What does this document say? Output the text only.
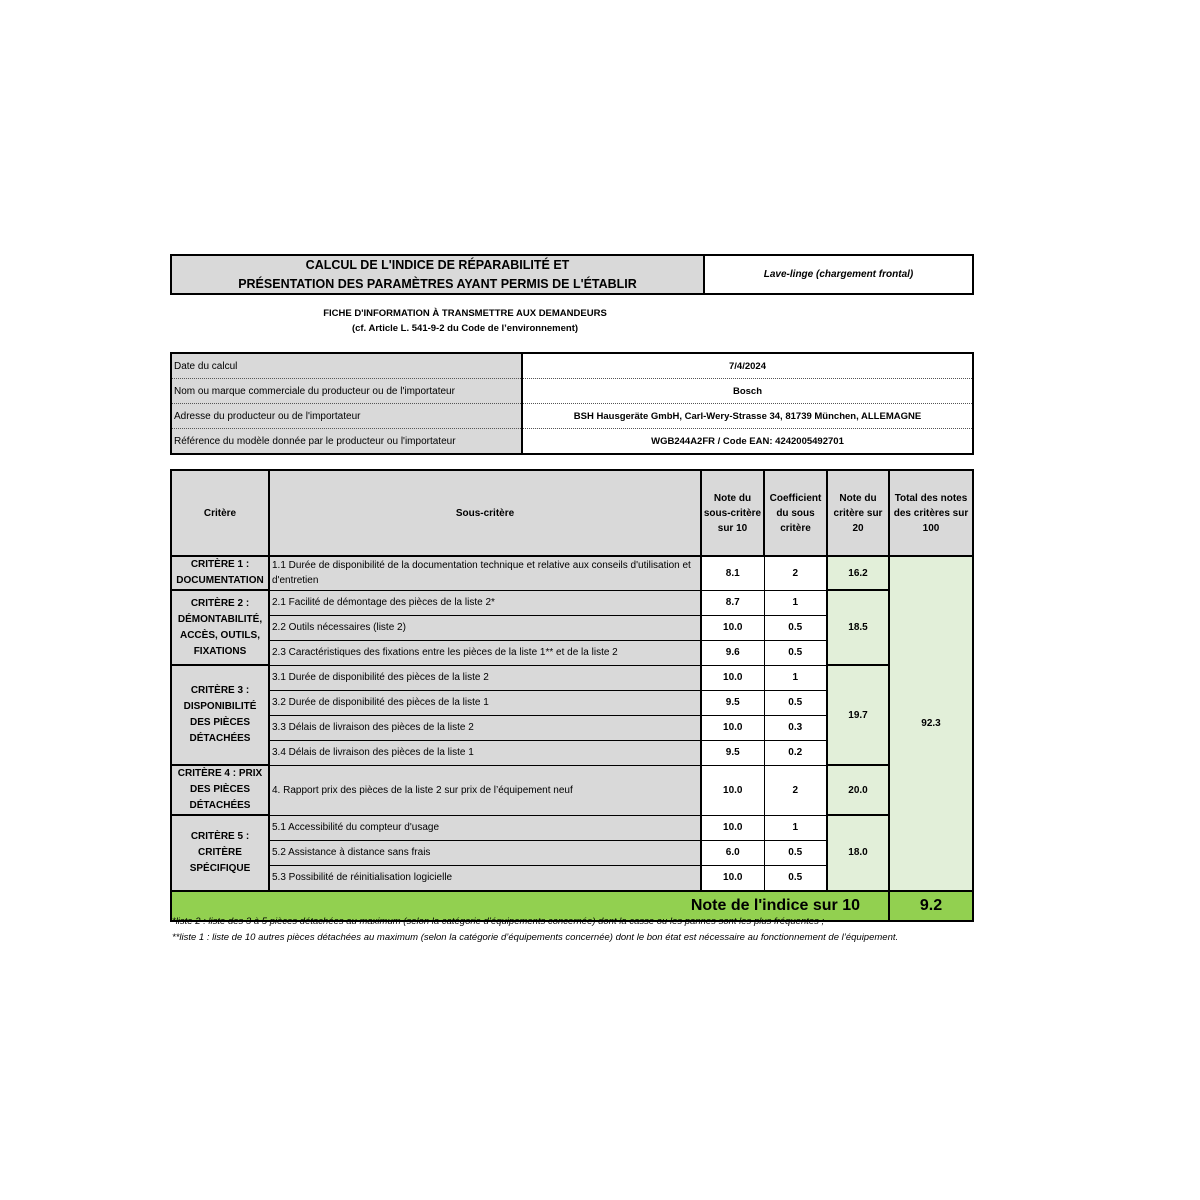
CALCUL DE L'INDICE DE RÉPARABILITÉ ET
PRÉSENTATION DES PARAMÈTRES AYANT PERMIS DE L'ÉTABLIR
Lave-linge (chargement frontal)
FICHE D'INFORMATION À TRANSMETTRE AUX DEMANDEURS
(cf. Article L. 541-9-2 du Code de l’environnement)
Date du calcul	7/4/2024
Nom ou marque commerciale du producteur ou de l'importateur	Bosch
Adresse du producteur ou de l'importateur	BSH Hausgeräte GmbH, Carl-Wery-Strasse 34, 81739 München, ALLEMAGNE
Référence du modèle donnée par le producteur ou l'importateur	WGB244A2FR / Code EAN: 4242005492701
Critère	Sous-critère	Note du sous-critère sur 10	Coefficient du sous critère	Note du critère sur 20	Total des notes des critères sur 100
CRITÈRE 1 : DOCUMENTATION	1.1 Durée de disponibilité de la documentation technique et relative aux conseils d'utilisation et d'entretien	8.1	2	16.2	92.3
CRITÈRE 2 : DÉMONTABILITÉ, ACCÈS, OUTILS, FIXATIONS	2.1 Facilité de démontage des pièces de la liste 2*	8.7	1	18.5	
	2.2 Outils nécessaires (liste 2)	10.0	0.5		
	2.3 Caractéristiques des fixations entre les pièces de la liste 1** et de la liste 2	9.6	0.5		
CRITÈRE 3 : DISPONIBILITÉ DES PIÈCES DÉTACHÉES	3.1 Durée de disponibilité des pièces de la liste 2	10.0	1	19.7	
	3.2 Durée de disponibilité des pièces de la liste 1	9.5	0.5		
	3.3 Délais de livraison des pièces de la liste 2	10.0	0.3		
	3.4 Délais de livraison des pièces de la liste 1	9.5	0.2		
CRITÈRE 4 : PRIX DES PIÈCES DÉTACHÉES	4. Rapport prix des pièces de la liste 2 sur prix de l’équipement neuf	10.0	2	20.0	
CRITÈRE 5 : CRITÈRE SPÉCIFIQUE	5.1 Accessibilité du compteur d'usage	10.0	1	18.0	
	5.2 Assistance à distance sans frais	6.0	0.5		
	5.3 Possibilité de réinitialisation logicielle	10.0	0.5		
Note de l'indice sur 10					9.2
*liste 2 : liste des 3 à 5 pièces détachées au maximum (selon la catégorie d’équipements concernée) dont la casse ou les pannes sont les plus fréquentes ;
**liste 1 : liste de 10 autres pièces détachées au maximum (selon la catégorie d’équipements concernée) dont le bon état est nécessaire au fonctionnement de l’équipement.
